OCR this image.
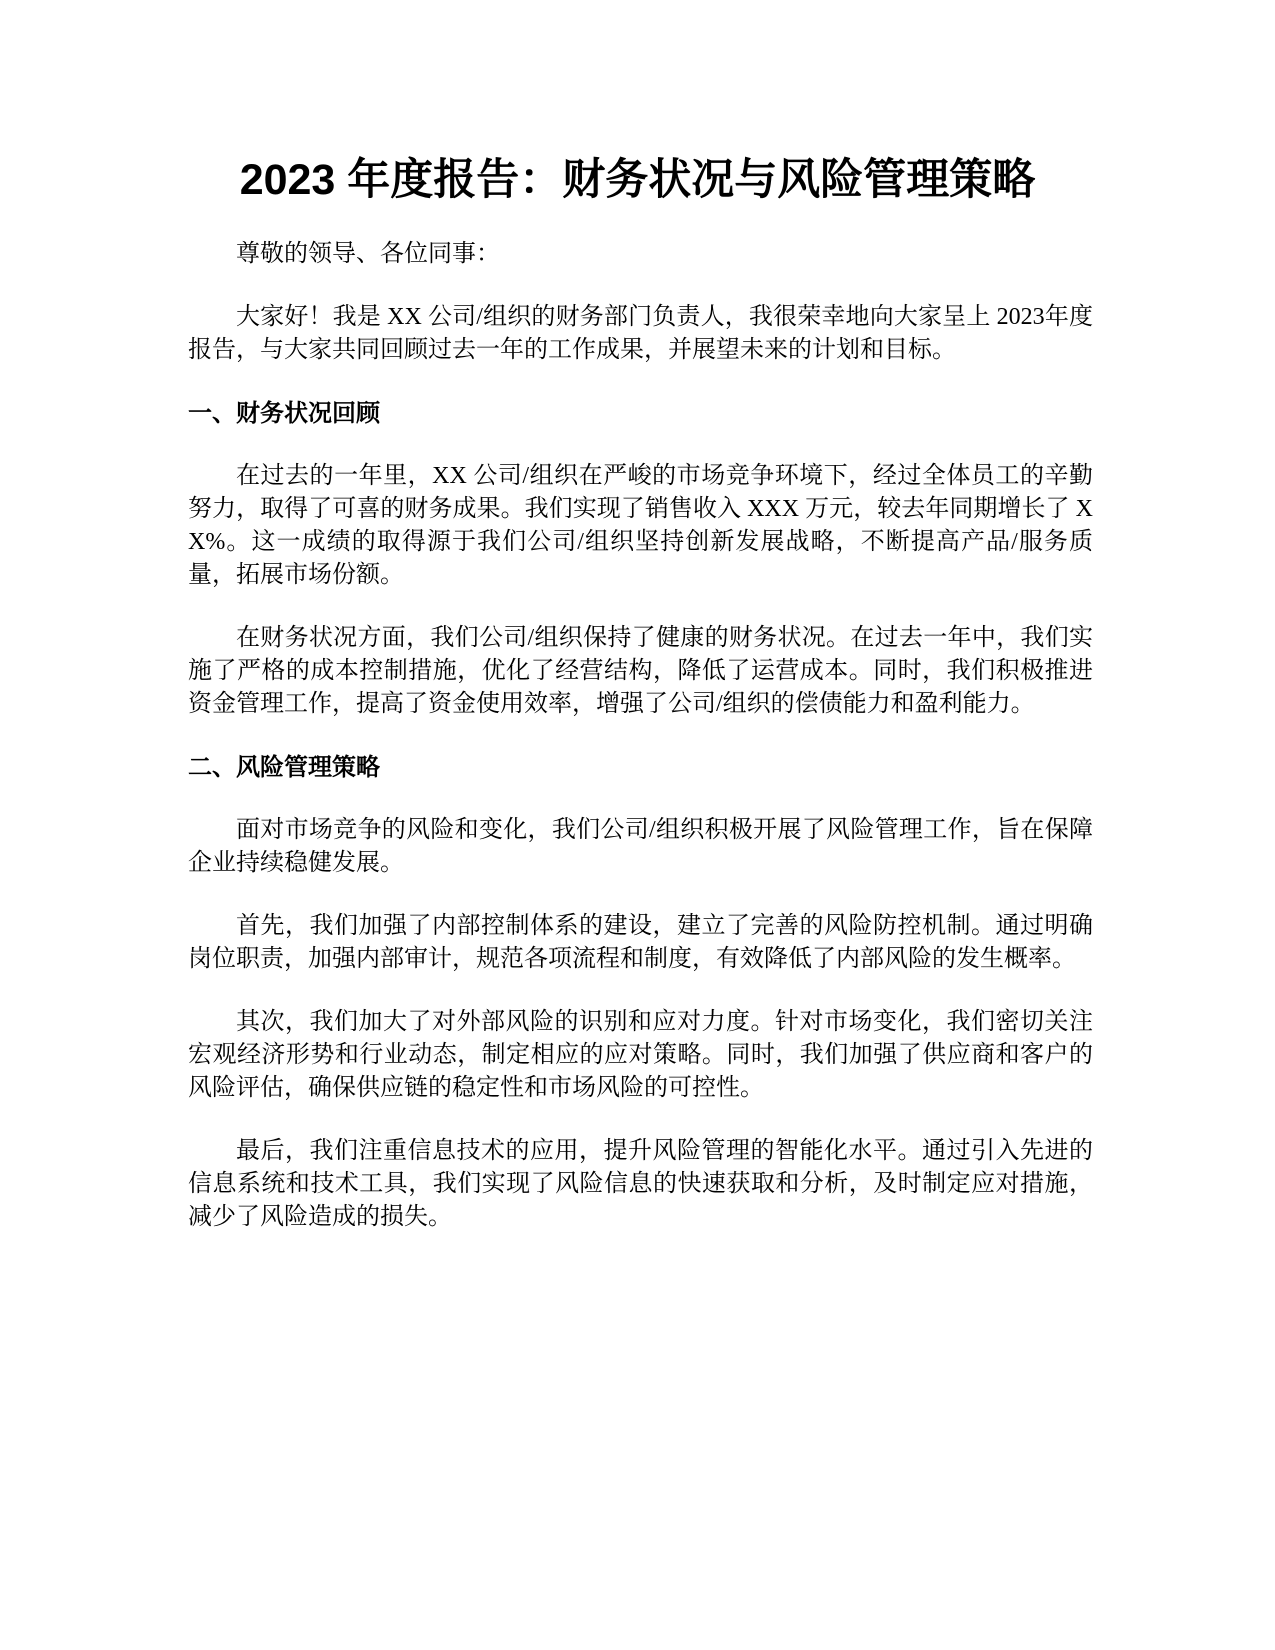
2023 年度报告：财务状况与风险管理策略

尊敬的领导、各位同事：

大家好！我是 XX 公司/组织的财务部门负责人，我很荣幸地向大家呈上 2023年度报告，与大家共同回顾过去一年的工作成果，并展望未来的计划和目标。

一、财务状况回顾

在过去的一年里，XX 公司/组织在严峻的市场竞争环境下，经过全体员工的辛勤努力，取得了可喜的财务成果。我们实现了销售收入 XXX 万元，较去年同期增长了 XX%。这一成绩的取得源于我们公司/组织坚持创新发展战略，不断提高产品/服务质量，拓展市场份额。

在财务状况方面，我们公司/组织保持了健康的财务状况。在过去一年中，我们实施了严格的成本控制措施，优化了经营结构，降低了运营成本。同时，我们积极推进资金管理工作，提高了资金使用效率，增强了公司/组织的偿债能力和盈利能力。

二、风险管理策略

面对市场竞争的风险和变化，我们公司/组织积极开展了风险管理工作，旨在保障企业持续稳健发展。

首先，我们加强了内部控制体系的建设，建立了完善的风险防控机制。通过明确岗位职责，加强内部审计，规范各项流程和制度，有效降低了内部风险的发生概率。

其次，我们加大了对外部风险的识别和应对力度。针对市场变化，我们密切关注宏观经济形势和行业动态，制定相应的应对策略。同时，我们加强了供应商和客户的风险评估，确保供应链的稳定性和市场风险的可控性。

最后，我们注重信息技术的应用，提升风险管理的智能化水平。通过引入先进的信息系统和技术工具，我们实现了风险信息的快速获取和分析，及时制定应对措施，减少了风险造成的损失。
